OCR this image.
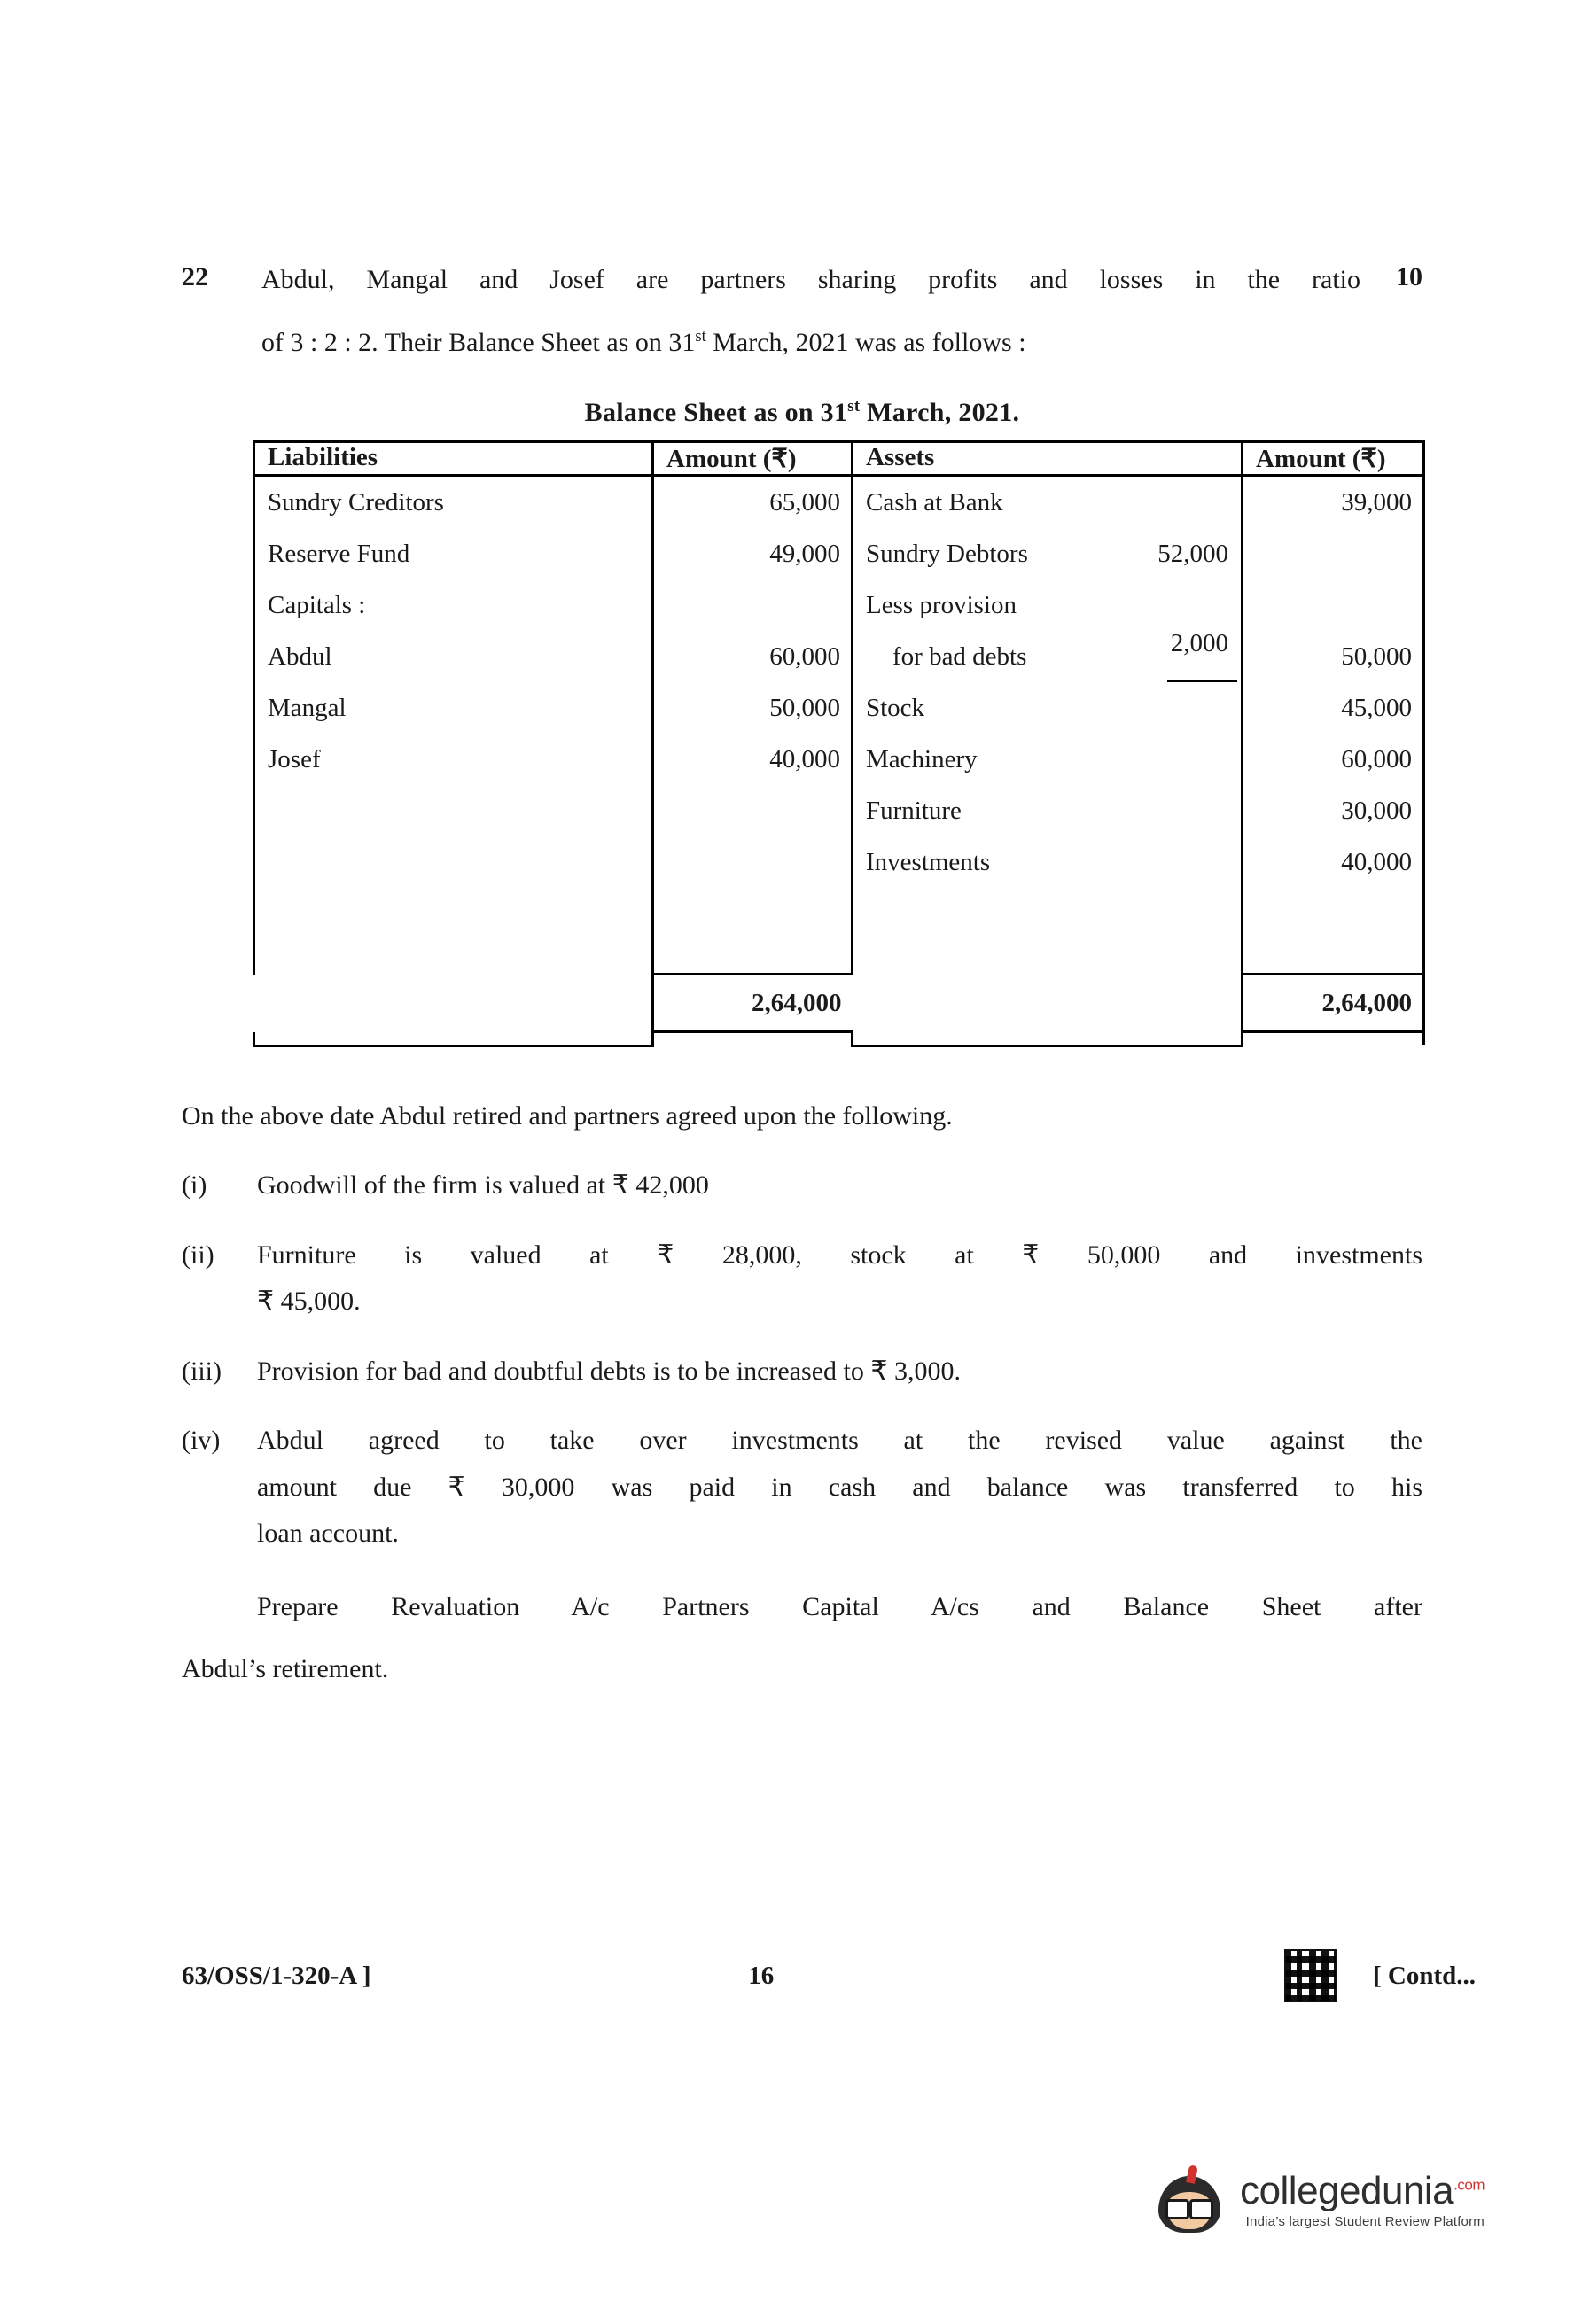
22	Abdul, Mangal and Josef are partners sharing profits and losses in the ratio
of 3 : 2 : 2. Their Balance Sheet as on 31st March, 2021 was as follows :
10
Balance Sheet as on 31st March, 2021.
Liabilities	Amount (₹)	Assets	Amount (₹)
Sundry Creditors	65,000	Cash at Bank	39,000
Reserve Fund	49,000	Sundry Debtors 52,000	

Capitals :		Less provision	
Abdul	60,000	for bad debts 2,000	50,000
Mangal	50,000	Stock	45,000
Josef	40,000	Machinery	60,000
		Furniture	30,000
		Investments	40,000

	2,64,000		2,64,000

On the above date Abdul retired and partners agreed upon the following.

(i)	Goodwill of the firm is valued at ₹ 42,000
(ii)	Furniture is valued at ₹ 28,000, stock at ₹ 50,000 and investments
₹ 45,000.
(iii)	Provision for bad and doubtful debts is to be increased to ₹ 3,000.
(iv)	Abdul agreed to take over investments at the revised value against the
amount due ₹ 30,000 was paid in cash and balance was transferred to his
loan account.

Prepare Revaluation A/c Partners Capital A/cs and Balance Sheet after
Abdul’s retirement.

63/OSS/1-320-A ]	16	[ Contd...
collegedunia$^{.com}$
India’s largest Student Review Platform
